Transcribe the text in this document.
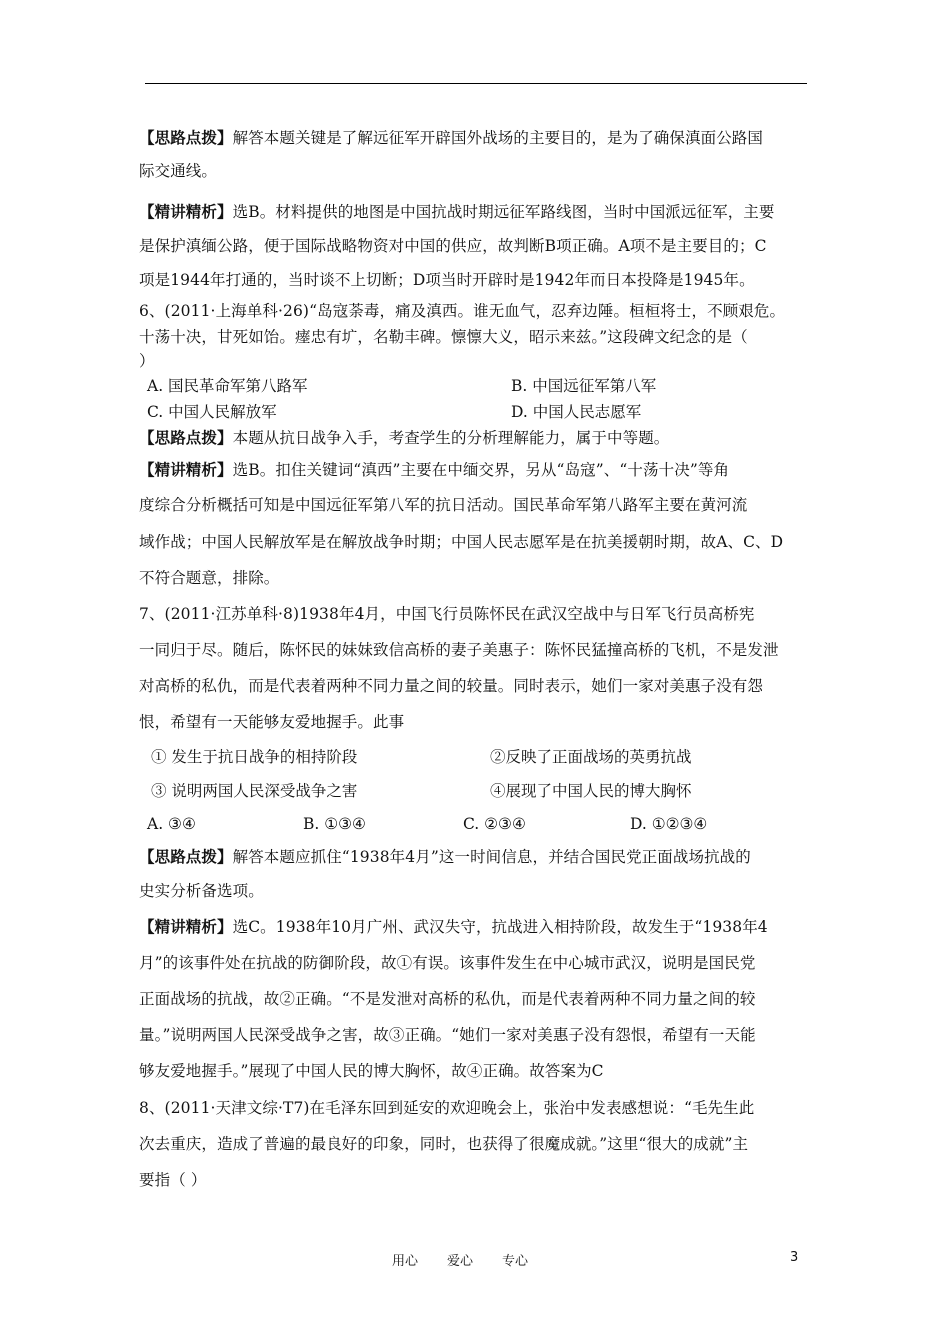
【思路点拨】解答本题关键是了解远征军开辟国外战场的主要目的，是为了确保滇面公路国
际交通线。
【精讲精析】选B。材料提供的地图是中国抗战时期远征军路线图，当时中国派远征军，主要
是保护滇缅公路，便于国际战略物资对中国的供应，故判断B项正确。A项不是主要目的；C
项是1944年打通的，当时谈不上切断；D项当时开辟时是1942年而日本投降是1945年。
6、(2011·上海单科·26)“岛寇荼毒，痛及滇西。谁无血气，忍弃边陲。桓桓将士，不顾艰危。
十荡十决，甘死如饴。瘗忠有圹，名勒丰碑。懔懔大义，昭示来兹。”这段碑文纪念的是（
）
A. 国民革命军第八路军	B. 中国远征军第八军
C. 中国人民解放军	D. 中国人民志愿军
【思路点拨】本题从抗日战争入手，考查学生的分析理解能力，属于中等题。
【精讲精析】选B。扣住关键词“滇西”主要在中缅交界，另从“岛寇”、“十荡十决”等角
度综合分析概括可知是中国远征军第八军的抗日活动。国民革命军第八路军主要在黄河流
域作战；中国人民解放军是在解放战争时期；中国人民志愿军是在抗美援朝时期，故A、C、D
不符合题意，排除。
7、(2011·江苏单科·8)1938年4月，中国飞行员陈怀民在武汉空战中与日军飞行员高桥宪
一同归于尽。随后，陈怀民的妹妹致信高桥的妻子美惠子：陈怀民猛撞高桥的飞机，不是发泄
对高桥的私仇，而是代表着两种不同力量之间的较量。同时表示，她们一家对美惠子没有怨
恨，希望有一天能够友爱地握手。此事
① 发生于抗日战争的相持阶段	②反映了正面战场的英勇抗战
③ 说明两国人民深受战争之害	④展现了中国人民的博大胸怀
A. ③④	B. ①③④	C. ②③④	D. ①②③④
【思路点拨】解答本题应抓住“1938年4月”这一时间信息，并结合国民党正面战场抗战的
史实分析备选项。
【精讲精析】选C。1938年10月广州、武汉失守，抗战进入相持阶段，故发生于“1938年4
月”的该事件处在抗战的防御阶段，故①有误。该事件发生在中心城市武汉，说明是国民党
正面战场的抗战，故②正确。“不是发泄对高桥的私仇，而是代表着两种不同力量之间的较
量。”说明两国人民深受战争之害，故③正确。“她们一家对美惠子没有怨恨，希望有一天能
够友爱地握手。”展现了中国人民的博大胸怀，故④正确。故答案为C
8、(2011·天津文综·T7)在毛泽东回到延安的欢迎晚会上，张治中发表感想说：“毛先生此
次去重庆，造成了普遍的最良好的印象，同时，也获得了很魔成就。”这里“很大的成就”主
要指（ ）
用心 爱心 专心	3
